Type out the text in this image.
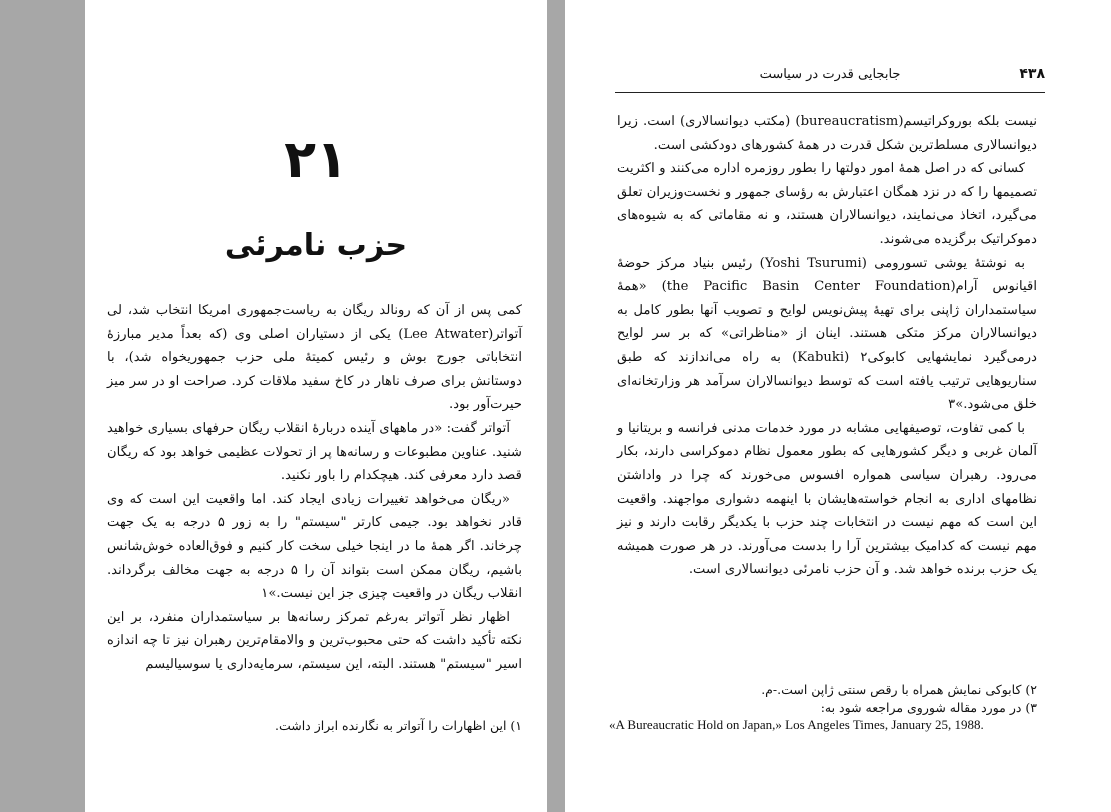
۲۱
حزب نامرئی

کمی پس از آن که رونالد ریگان به ریاست‌جمهوری امریکا انتخاب شد، لی آتواتر(Lee Atwater) یکی از دستیاران اصلی وی (که بعداً مدیر مبارزهٔ انتخاباتی جورج بوش و رئیس کمیتهٔ ملی حزب جمهوریخواه شد)، با دوستانش برای صرف ناهار در کاخ سفید ملاقات کرد. صراحت او در سر میز حیرت‌آور بود.

آتواتر گفت: «در ماههای آینده دربارهٔ انقلاب ریگان حرفهای بسیاری خواهید شنید. عناوین مطبوعات و رسانه‌ها پر از تحولات عظیمی خواهد بود که ریگان قصد دارد معرفی کند. هیچکدام را باور نکنید.

«ریگان می‌خواهد تغییرات زیادی ایجاد کند. اما واقعیت این است که وی قادر نخواهد بود. جیمی کارتر "سیستم" را به زور ۵ درجه به یک جهت چرخاند. اگر همهٔ ما در اینجا خیلی سخت کار کنیم و فوق‌العاده خوش‌شانس باشیم، ریگان ممکن است بتواند آن را ۵ درجه به جهت مخالف برگرداند. انقلاب ریگان در واقعیت چیزی جز این نیست.»۱

اظهار نظر آتواتر به‌رغم تمرکز رسانه‌ها بر سیاستمداران منفرد، بر این نکته تأکید داشت که حتی محبوب‌ترین و والامقام‌ترین رهبران نیز تا چه اندازه اسیر "سیستم" هستند. البته، این سیستم، سرمایه‌داری یا سوسیالیسم

۱) این اظهارات را آتواتر به نگارنده ابراز داشت.
۴۳۸
جابجایی قدرت در سیاست

نیست بلکه بوروکراتیسم(bureaucratism) (مکتب دیوانسالاری) است. زیرا دیوانسالاری مسلط‌ترین شکل قدرت در همهٔ کشورهای دودکشی است.

کسانی که در اصل همهٔ امور دولتها را بطور روزمره اداره می‌کنند و اکثریت تصمیمها را که در نزد همگان اعتبارش به رؤسای جمهور و نخست‌وزیران تعلق می‌گیرد، اتخاذ می‌نمایند، دیوانسالاران هستند، و نه مقاماتی که به شیوه‌های دموکراتیک برگزیده می‌شوند.

به نوشتهٔ یوشی تسورومی (Yoshi Tsurumi) رئیس بنیاد مرکز حوضهٔ اقیانوس آرام(the Pacific Basin Center Foundation) «همهٔ سیاستمداران ژاپنی برای تهیهٔ پیش‌نویس لوایح و تصویب آنها بطور کامل به دیوانسالاران مرکز متکی هستند. اینان از «مناظراتی» که بر سر لوایح درمی‌گیرد نمایشهایی کابوکی۲ (Kabuki) به راه می‌اندازند که طبق سناریوهایی ترتیب یافته است که توسط دیوانسالاران سرآمد هر وزارتخانه‌ای خلق می‌شود.»۳

با کمی تفاوت، توصیفهایی مشابه در مورد خدمات مدنی فرانسه و بریتانیا و آلمان غربی و دیگر کشورهایی که بطور معمول نظام دموکراسی دارند، بکار می‌رود. رهبران سیاسی همواره افسوس می‌خورند که چرا در واداشتن نظامهای اداری به انجام خواسته‌هایشان با اینهمه دشواری مواجهند. واقعیت این است که مهم نیست در انتخابات چند حزب با یکدیگر رقابت دارند و نیز مهم نیست که کدامیک بیشترین آرا را بدست می‌آورند. در هر صورت همیشه یک حزب برنده خواهد شد. و آن حزب نامرئی دیوانسالاری است.

۲) کابوکی نمایش همراه با رقص سنتی ژاپن است.-م.
۳) در مورد مقاله شوروی مراجعه شود به:
«A Bureaucratic Hold on Japan,» Los Angeles Times, January 25, 1988.
